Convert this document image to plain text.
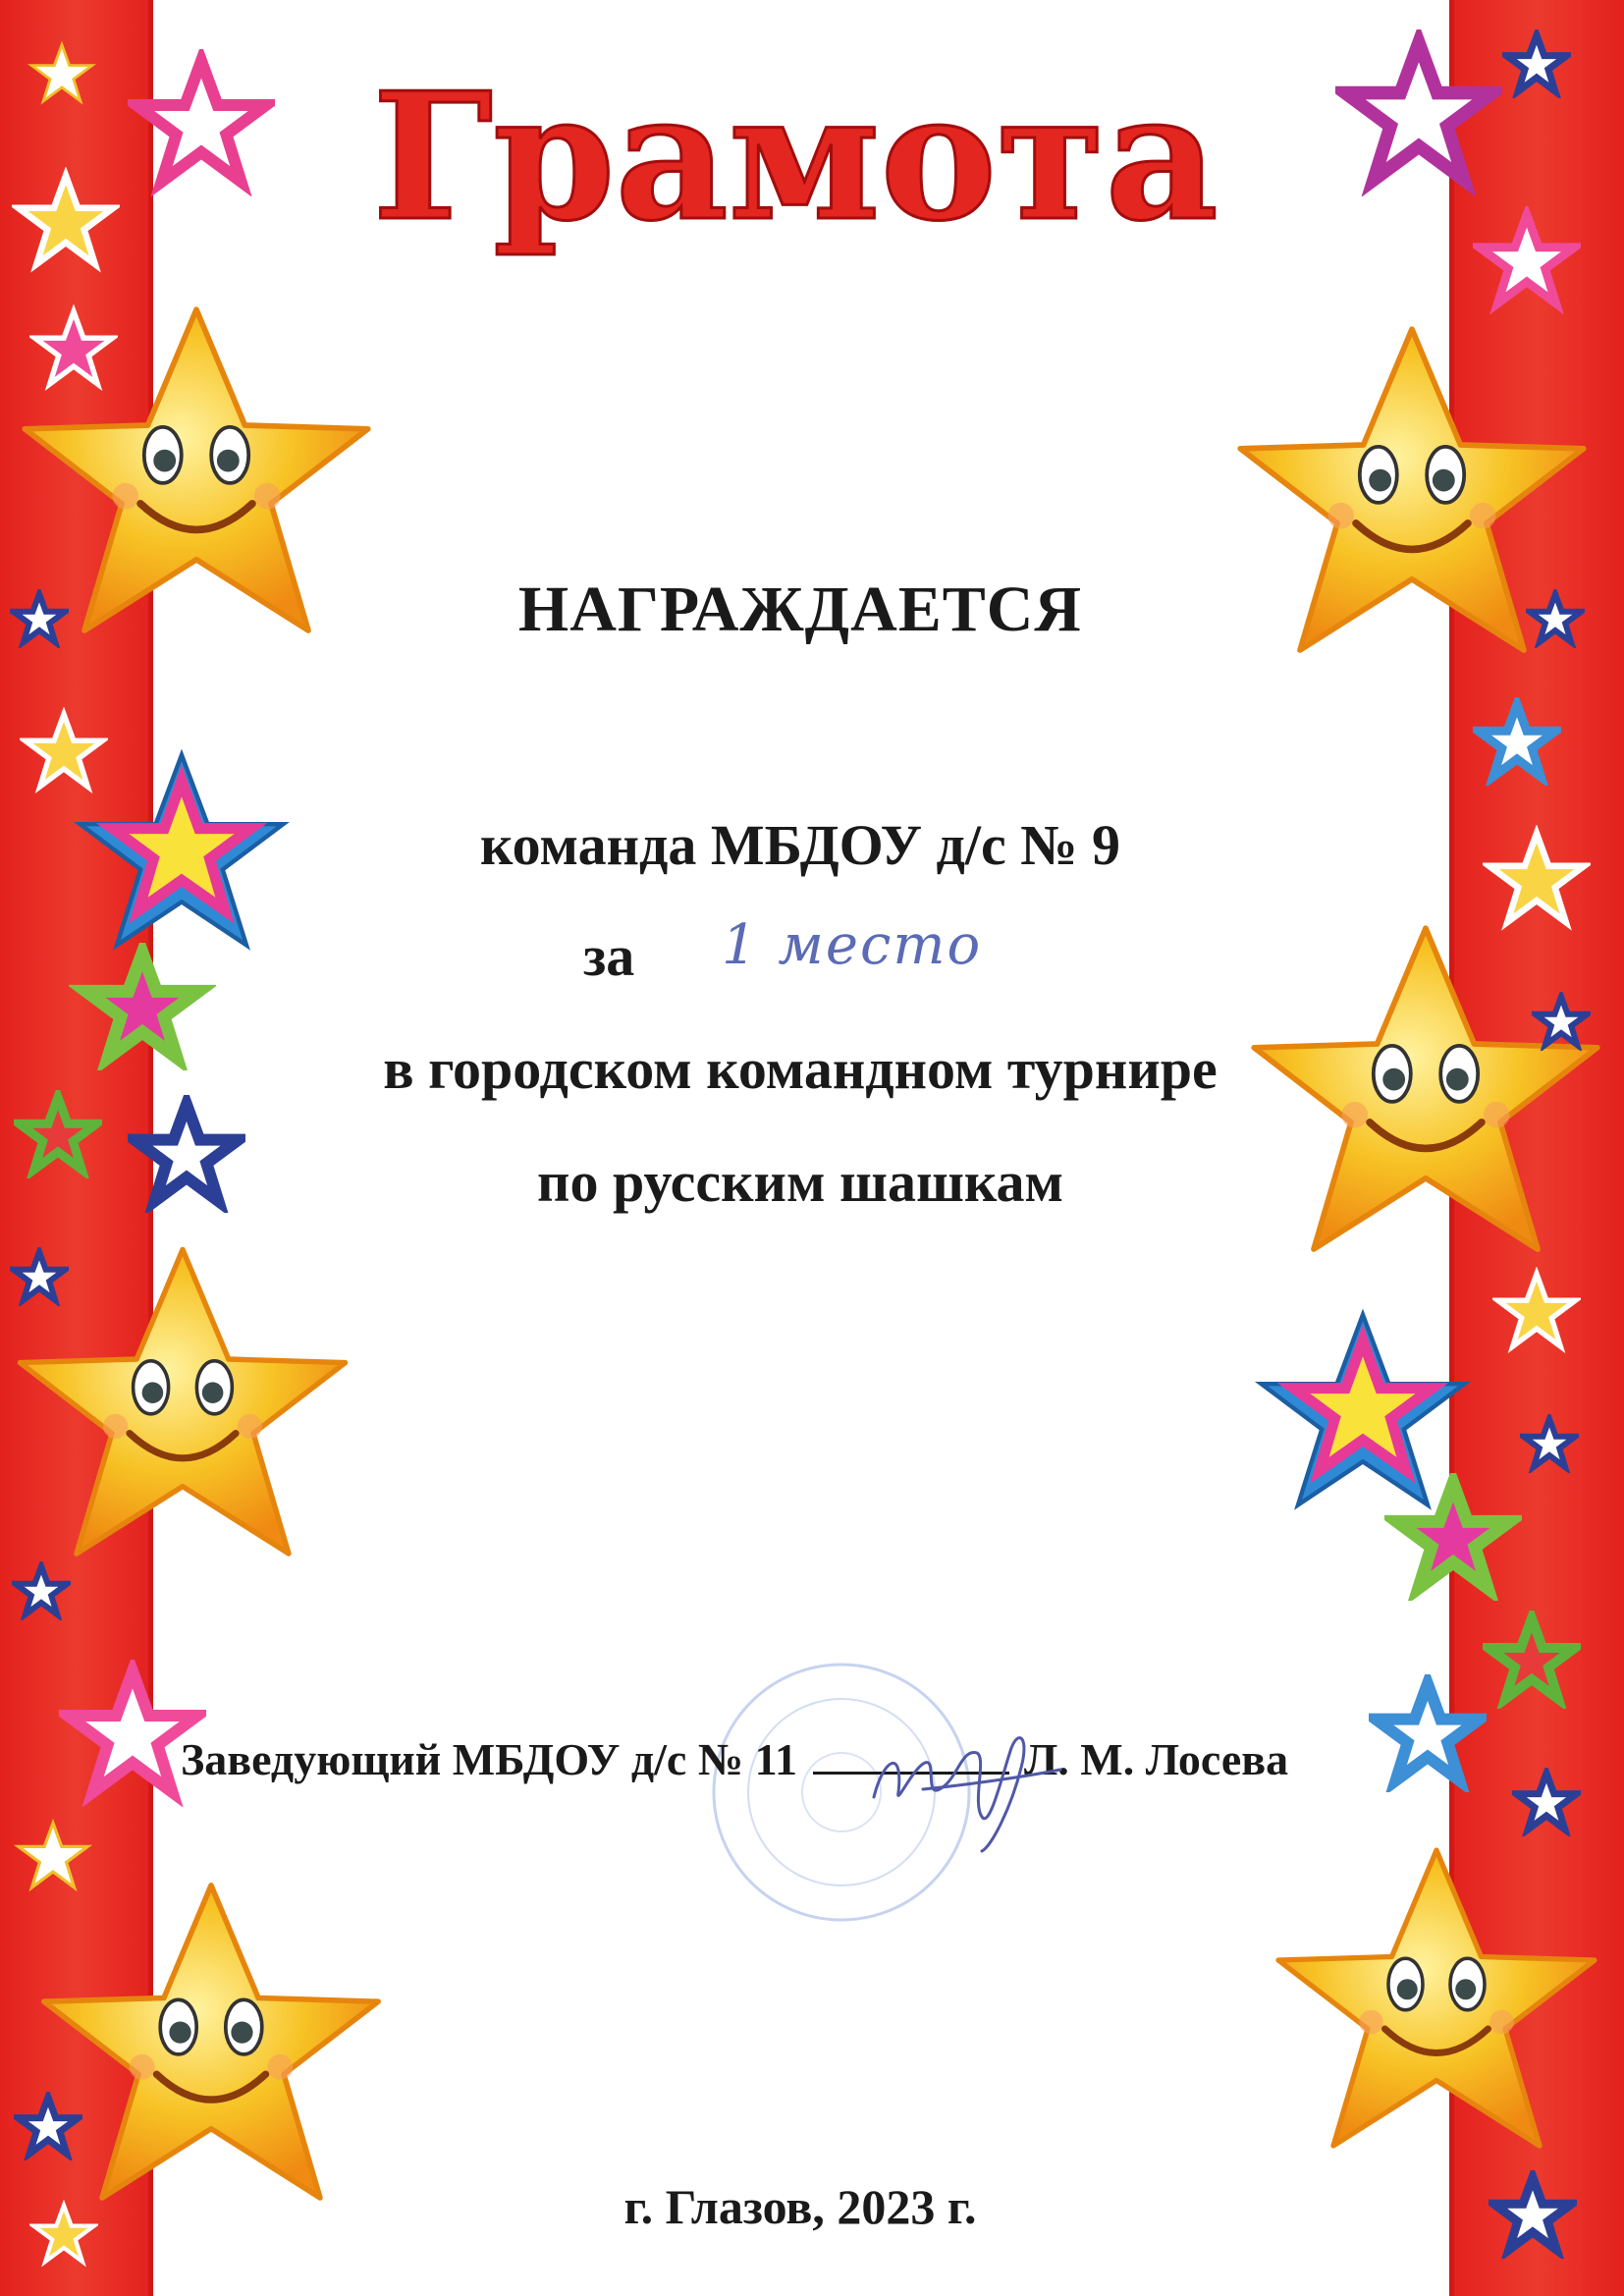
Грамота
НАГРАЖДАЕТСЯ
команда МБДОУ д/с № 9
за 1 место
в городском командном турнире
по русским шашкам
Заведующий МБДОУ д/с № 11	Л. М. Лосева
г. Глазов, 2023 г.
